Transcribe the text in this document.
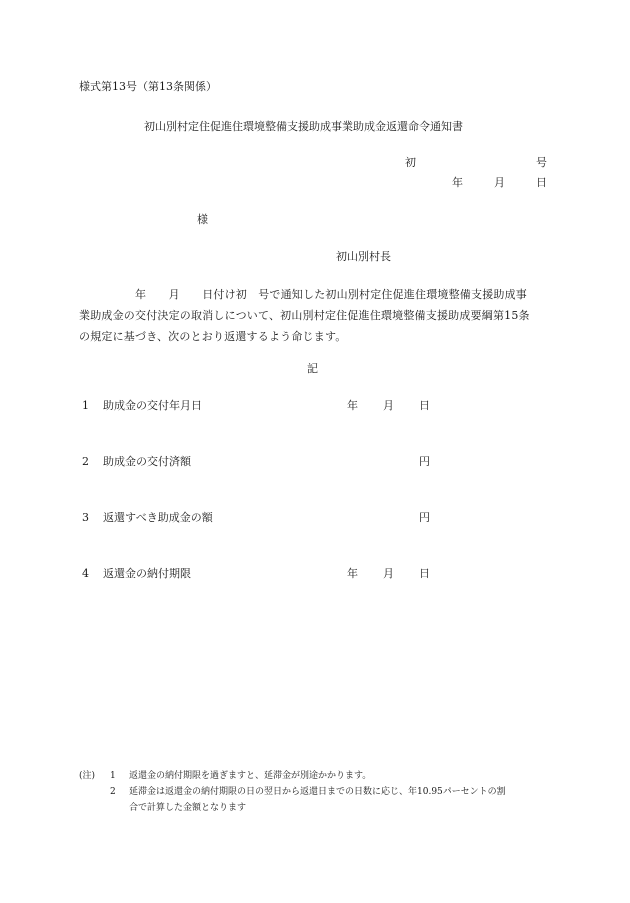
様式第13号（第13条関係）
初山別村定住促進住環境整備支援助成事業助成金返還命令通知書
初	号
年	月	日
様
初山別村長
年　　月　　日付け初　号で通知した初山別村定住促進住環境整備支援助成事
業助成金の交付決定の取消しについて、初山別村定住促進住環境整備支援助成要綱第15条
の規定に基づき、次のとおり返還するよう命じます。
記
1 助成金の交付年月日	年 月 日
2 助成金の交付済額	円
3 返還すべき助成金の額	円
4 返還金の納付期限	年 月 日
(注) 1 返還金の納付期限を過ぎますと、延滞金が別途かかります。
2 延滞金は返還金の納付期限の日の翌日から返還日までの日数に応じ、年10.95パーセントの割
合で計算した金額となります
